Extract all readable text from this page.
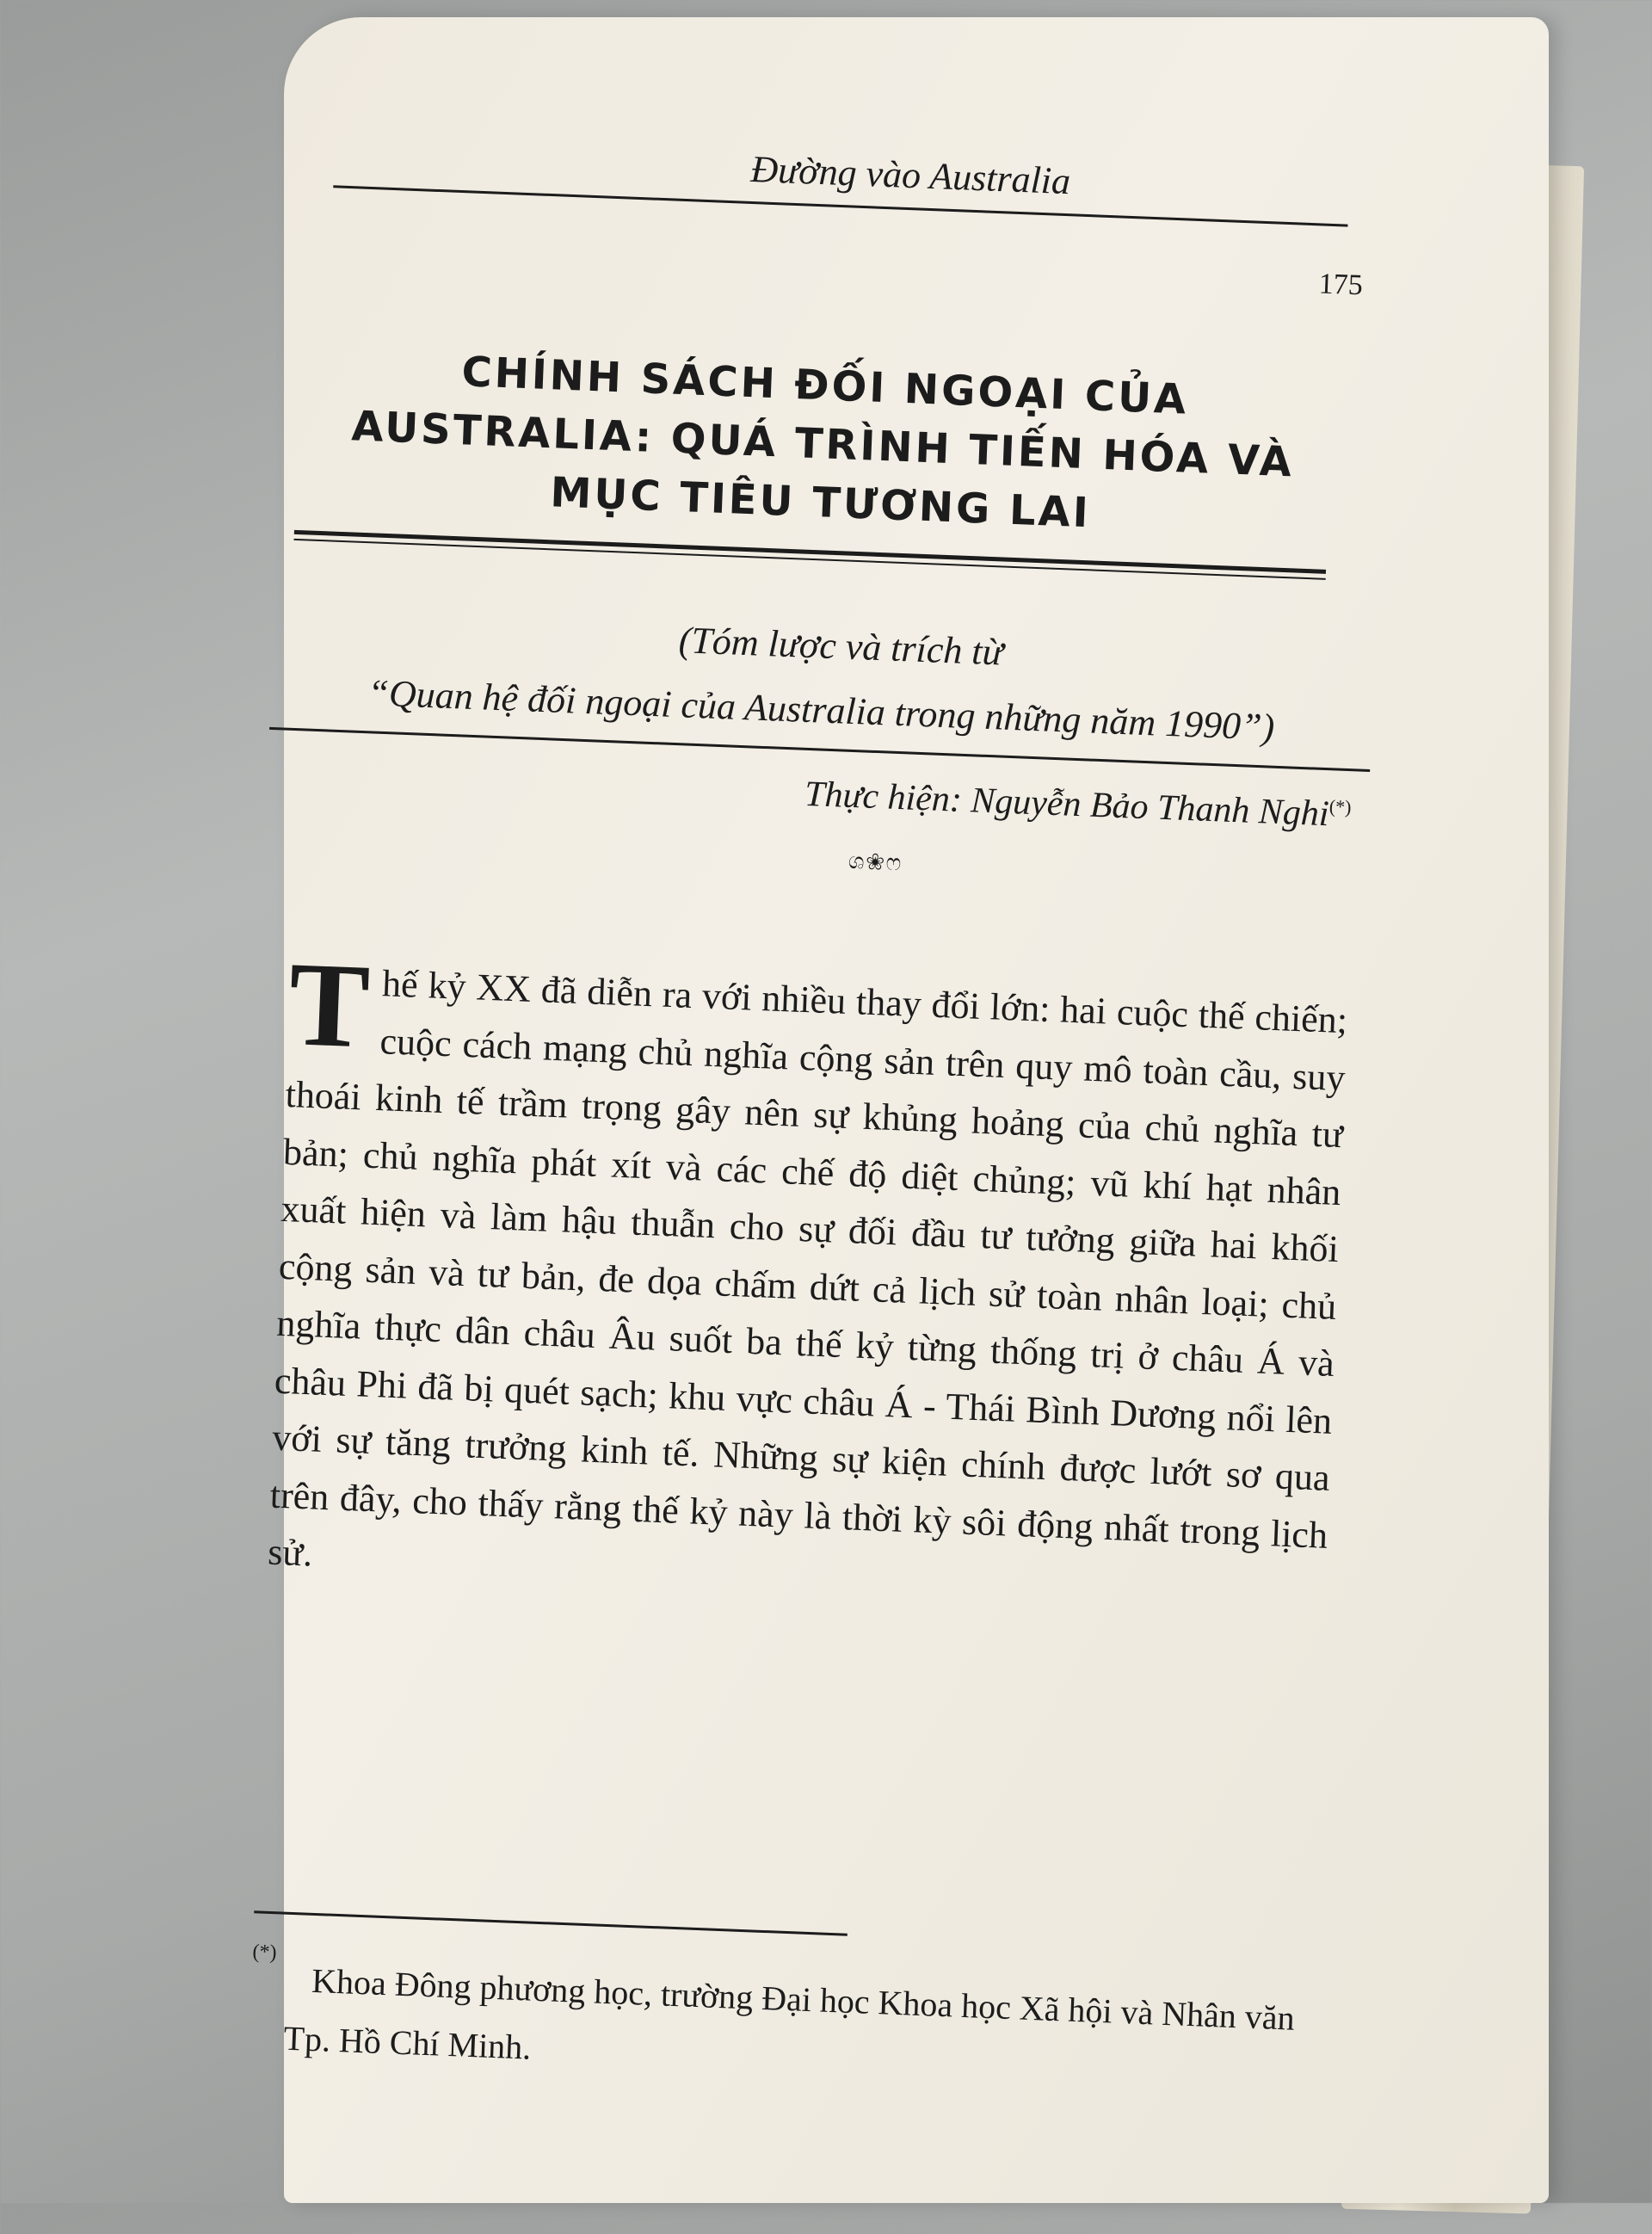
Đường vào Australia
175
CHÍNH SÁCH ĐỐI NGOẠI CỦA
AUSTRALIA: QUÁ TRÌNH TIẾN HÓA VÀ
MỤC TIÊU TƯƠNG LAI
(Tóm lược và trích từ
“Quan hệ đối ngoại của Australia trong những năm 1990”)
Thực hiện: Nguyễn Bảo Thanh Nghi(*)
ශ❀ෆ
Thế kỷ XX đã diễn ra với nhiều thay đổi lớn: hai cuộc thế chiến; cuộc cách mạng chủ nghĩa cộng sản trên quy mô toàn cầu, suy thoái kinh tế trầm trọng gây nên sự khủng hoảng của chủ nghĩa tư bản; chủ nghĩa phát xít và các chế độ diệt chủng; vũ khí hạt nhân xuất hiện và làm hậu thuẫn cho sự đối đầu tư tưởng giữa hai khối cộng sản và tư bản, đe dọa chấm dứt cả lịch sử toàn nhân loại; chủ nghĩa thực dân châu Âu suốt ba thế kỷ từng thống trị ở châu Á và châu Phi đã bị quét sạch; khu vực châu Á - Thái Bình Dương nổi lên với sự tăng trưởng kinh tế. Những sự kiện chính được lướt sơ qua trên đây, cho thấy rằng thế kỷ này là thời kỳ sôi động nhất trong lịch sử.
(*)
Khoa Đông phương học, trường Đại học Khoa học Xã hội và Nhân văn Tp. Hồ Chí Minh.
